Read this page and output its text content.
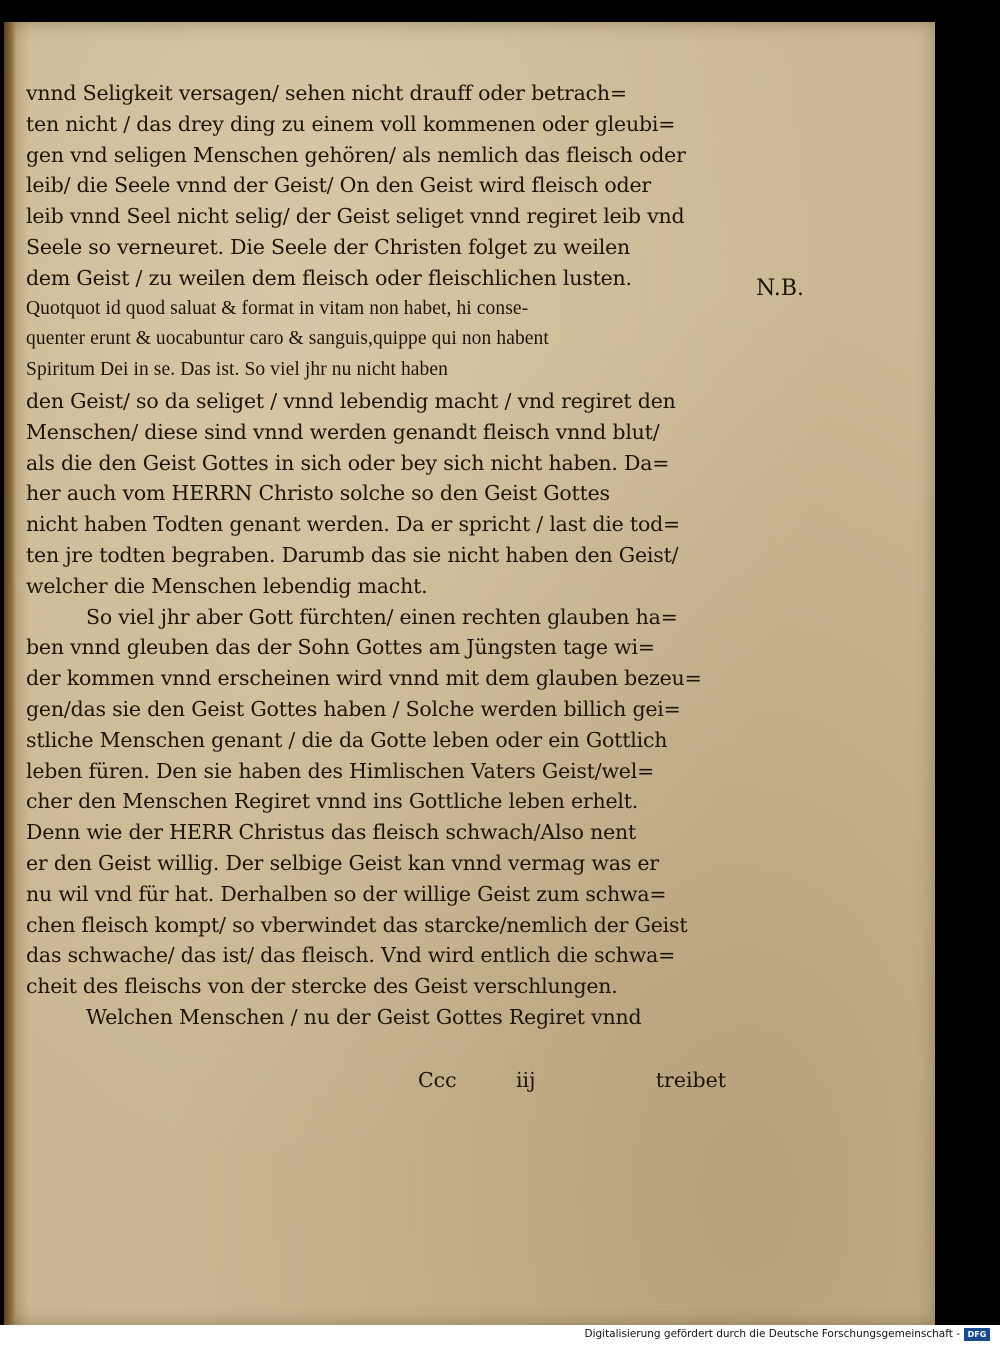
vnnd Seligkeit versagen/ sehen nicht drauff oder betrach=
ten nicht / das drey ding zu einem voll kommenen oder gleubi=
gen vnd seligen Menschen gehören/ als nemlich das fleisch oder
leib/ die Seele vnnd der Geist/ On den Geist wird fleisch oder
leib vnnd Seel nicht selig/ der Geist seliget vnnd regiret leib vnd
Seele so verneuret. Die Seele der Christen folget zu weilen
dem Geist / zu weilen dem fleisch oder fleischlichen lusten.
Quotquot id quod saluat & format in vitam non habet, hi conse-
quenter erunt & uocabuntur caro & sanguis,quippe qui non habent
Spiritum Dei in se. Das ist. So viel jhr nu nicht haben
den Geist/ so da seliget / vnnd lebendig macht / vnd regiret den
Menschen/ diese sind vnnd werden genandt fleisch vnnd blut/
als die den Geist Gottes in sich oder bey sich nicht haben. Da=
her auch vom HERRN Christo solche so den Geist Gottes
nicht haben Todten genant werden. Da er spricht / last die tod=
ten jre todten begraben. Darumb das sie nicht haben den Geist/
welcher die Menschen lebendig macht.
So viel jhr aber Gott fürchten/ einen rechten glauben ha=
ben vnnd gleuben das der Sohn Gottes am Jüngsten tage wi=
der kommen vnnd erscheinen wird vnnd mit dem glauben bezeu=
gen/das sie den Geist Gottes haben / Solche werden billich gei=
stliche Menschen genant / die da Gotte leben oder ein Gottlich
leben füren. Den sie haben des Himlischen Vaters Geist/wel=
cher den Menschen Regiret vnnd ins Gottliche leben erhelt.
Denn wie der HERR Christus das fleisch schwach/Also nent
er den Geist willig. Der selbige Geist kan vnnd vermag was er
nu wil vnd für hat. Derhalben so der willige Geist zum schwa=
chen fleisch kompt/ so vberwindet das starcke/nemlich der Geist
das schwache/ das ist/ das fleisch. Vnd wird entlich die schwa=
cheit des fleischs von der stercke des Geist verschlungen.
Welchen Menschen / nu der Geist Gottes Regiret vnnd
N.B.
Ccc	iij	treibet
Digitalisierung gefördert durch die Deutsche Forschungsgemeinschaft - DFG
